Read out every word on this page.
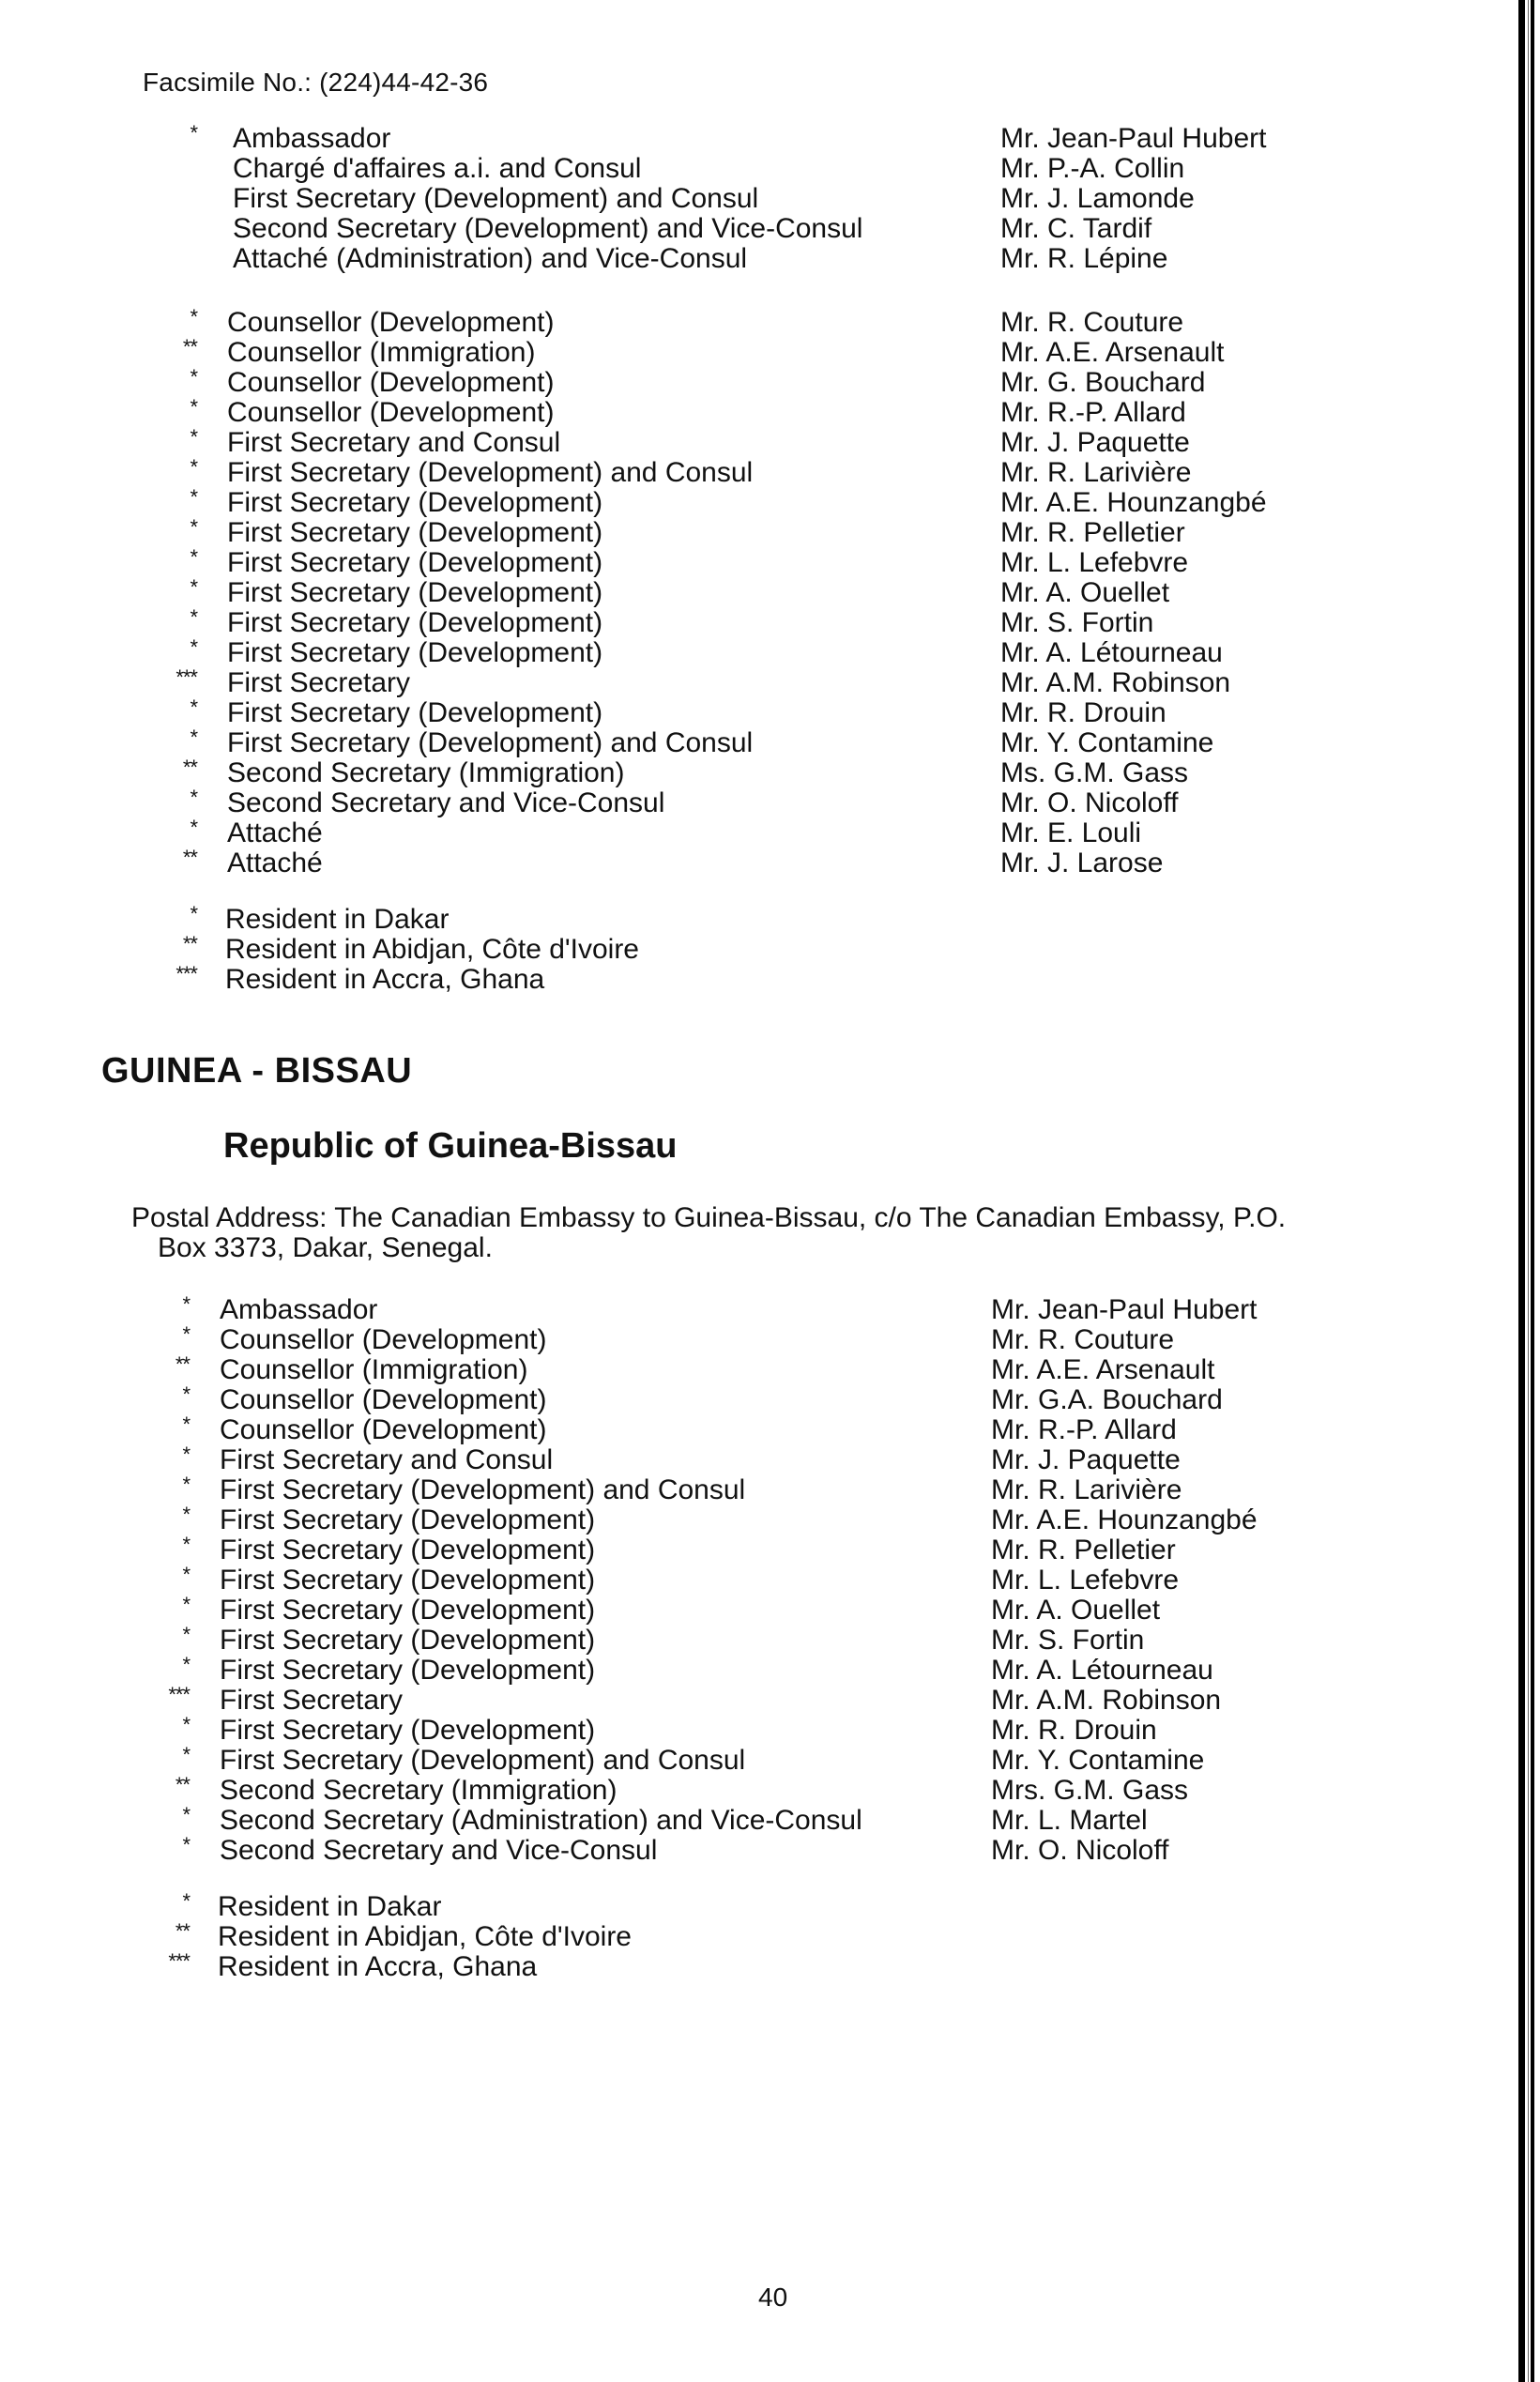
Facsimile No.: (224)44-42-36
* Ambassador	Mr. Jean-Paul Hubert
Chargé d'affaires a.i. and Consul	Mr. P.-A. Collin
First Secretary (Development) and Consul	Mr. J. Lamonde
Second Secretary (Development) and Vice-Consul	Mr. C. Tardif
Attaché (Administration) and Vice-Consul	Mr. R. Lépine
* Counsellor (Development)	Mr. R. Couture
** Counsellor (Immigration)	Mr. A.E. Arsenault
* Counsellor (Development)	Mr. G. Bouchard
* Counsellor (Development)	Mr. R.-P. Allard
* First Secretary and Consul	Mr. J. Paquette
* First Secretary (Development) and Consul	Mr. R. Larivière
* First Secretary (Development)	Mr. A.E. Hounzangbé
* First Secretary (Development)	Mr. R. Pelletier
* First Secretary (Development)	Mr. L. Lefebvre
* First Secretary (Development)	Mr. A. Ouellet
* First Secretary (Development)	Mr. S. Fortin
* First Secretary (Development)	Mr. A. Létourneau
*** First Secretary	Mr. A.M. Robinson
* First Secretary (Development)	Mr. R. Drouin
* First Secretary (Development) and Consul	Mr. Y. Contamine
** Second Secretary (Immigration)	Ms. G.M. Gass
* Second Secretary and Vice-Consul	Mr. O. Nicoloff
* Attaché	Mr. E. Louli
** Attaché	Mr. J. Larose
* Resident in Dakar
** Resident in Abidjan, Côte d'Ivoire
*** Resident in Accra, Ghana
GUINEA - BISSAU
Republic of Guinea-Bissau
Postal Address: The Canadian Embassy to Guinea-Bissau, c/o The Canadian Embassy, P.O.
Box 3373, Dakar, Senegal.
* Ambassador	Mr. Jean-Paul Hubert
* Counsellor (Development)	Mr. R. Couture
** Counsellor (Immigration)	Mr. A.E. Arsenault
* Counsellor (Development)	Mr. G.A. Bouchard
* Counsellor (Development)	Mr. R.-P. Allard
* First Secretary and Consul	Mr. J. Paquette
* First Secretary (Development) and Consul	Mr. R. Larivière
* First Secretary (Development)	Mr. A.E. Hounzangbé
* First Secretary (Development)	Mr. R. Pelletier
* First Secretary (Development)	Mr. L. Lefebvre
* First Secretary (Development)	Mr. A. Ouellet
* First Secretary (Development)	Mr. S. Fortin
* First Secretary (Development)	Mr. A. Létourneau
*** First Secretary	Mr. A.M. Robinson
* First Secretary (Development)	Mr. R. Drouin
* First Secretary (Development) and Consul	Mr. Y. Contamine
** Second Secretary (Immigration)	Mrs. G.M. Gass
* Second Secretary (Administration) and Vice-Consul	Mr. L. Martel
* Second Secretary and Vice-Consul	Mr. O. Nicoloff
* Resident in Dakar
** Resident in Abidjan, Côte d'Ivoire
*** Resident in Accra, Ghana
40
